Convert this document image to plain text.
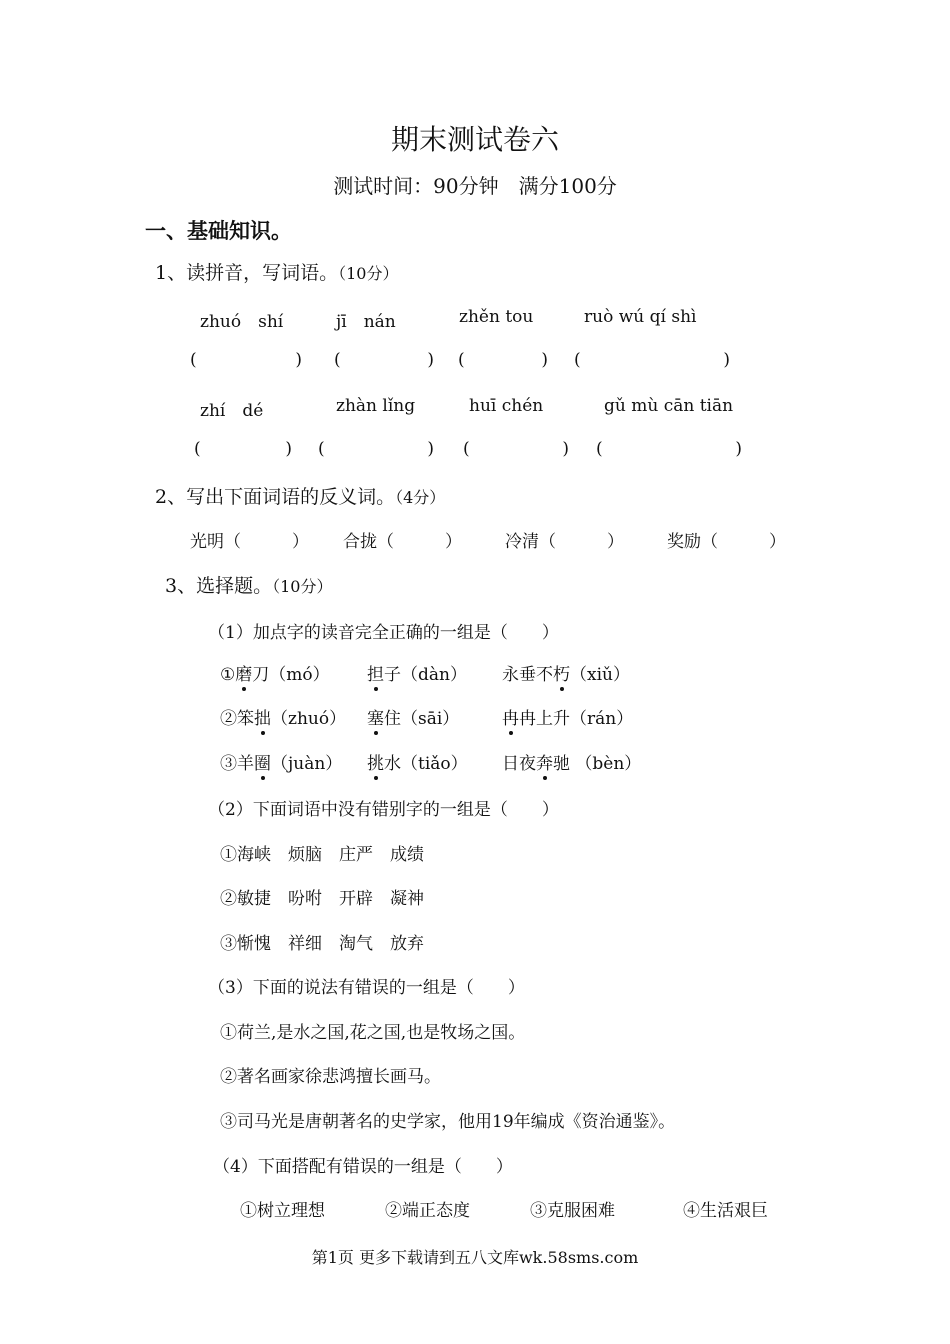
期末测试卷六
测试时间：90分钟　满分100分
一、基础知识。
1、读拼音，写词语。（10分）
zhuó　shí	jī　nán	zhěn tou	ruò wú qí shì
(	) (	) (	) (	)
zhí　dé	zhàn lǐng	huī chén	gǔ mù cān tiān
(	) (	) (	) (	)
2、写出下面词语的反义词。（4分）
光明（　　　） 合拢（　　　）	冷清（　　　）	奖励（　　　）
3、选择题。（10分）
（1）加点字的读音完全正确的一组是（　　）
①磨刀（mó） 担子（dàn） 永垂不朽（xiǔ）
②笨拙（zhuó） 塞住（sāi）	冉冉上升（rán）
③羊圈（juàn） 挑水（tiǎo） 日夜奔驰 （bèn）
（2）下面词语中没有错别字的一组是（　　）
①海峡　烦脑　庄严　成绩
②敏捷　吩咐　开辟　凝神
③惭愧　祥细　淘气　放弃
（3）下面的说法有错误的一组是（　　）
①荷兰,是水之国,花之国,也是牧场之国。
②著名画家徐悲鸿擅长画马。
③司马光是唐朝著名的史学家，他用19年编成《资治通鉴》。
（4）下面搭配有错误的一组是（　　）
①树立理想	②端正态度	③克服困难	④生活艰巨
第1页 更多下载请到五八文库wk.58sms.com
